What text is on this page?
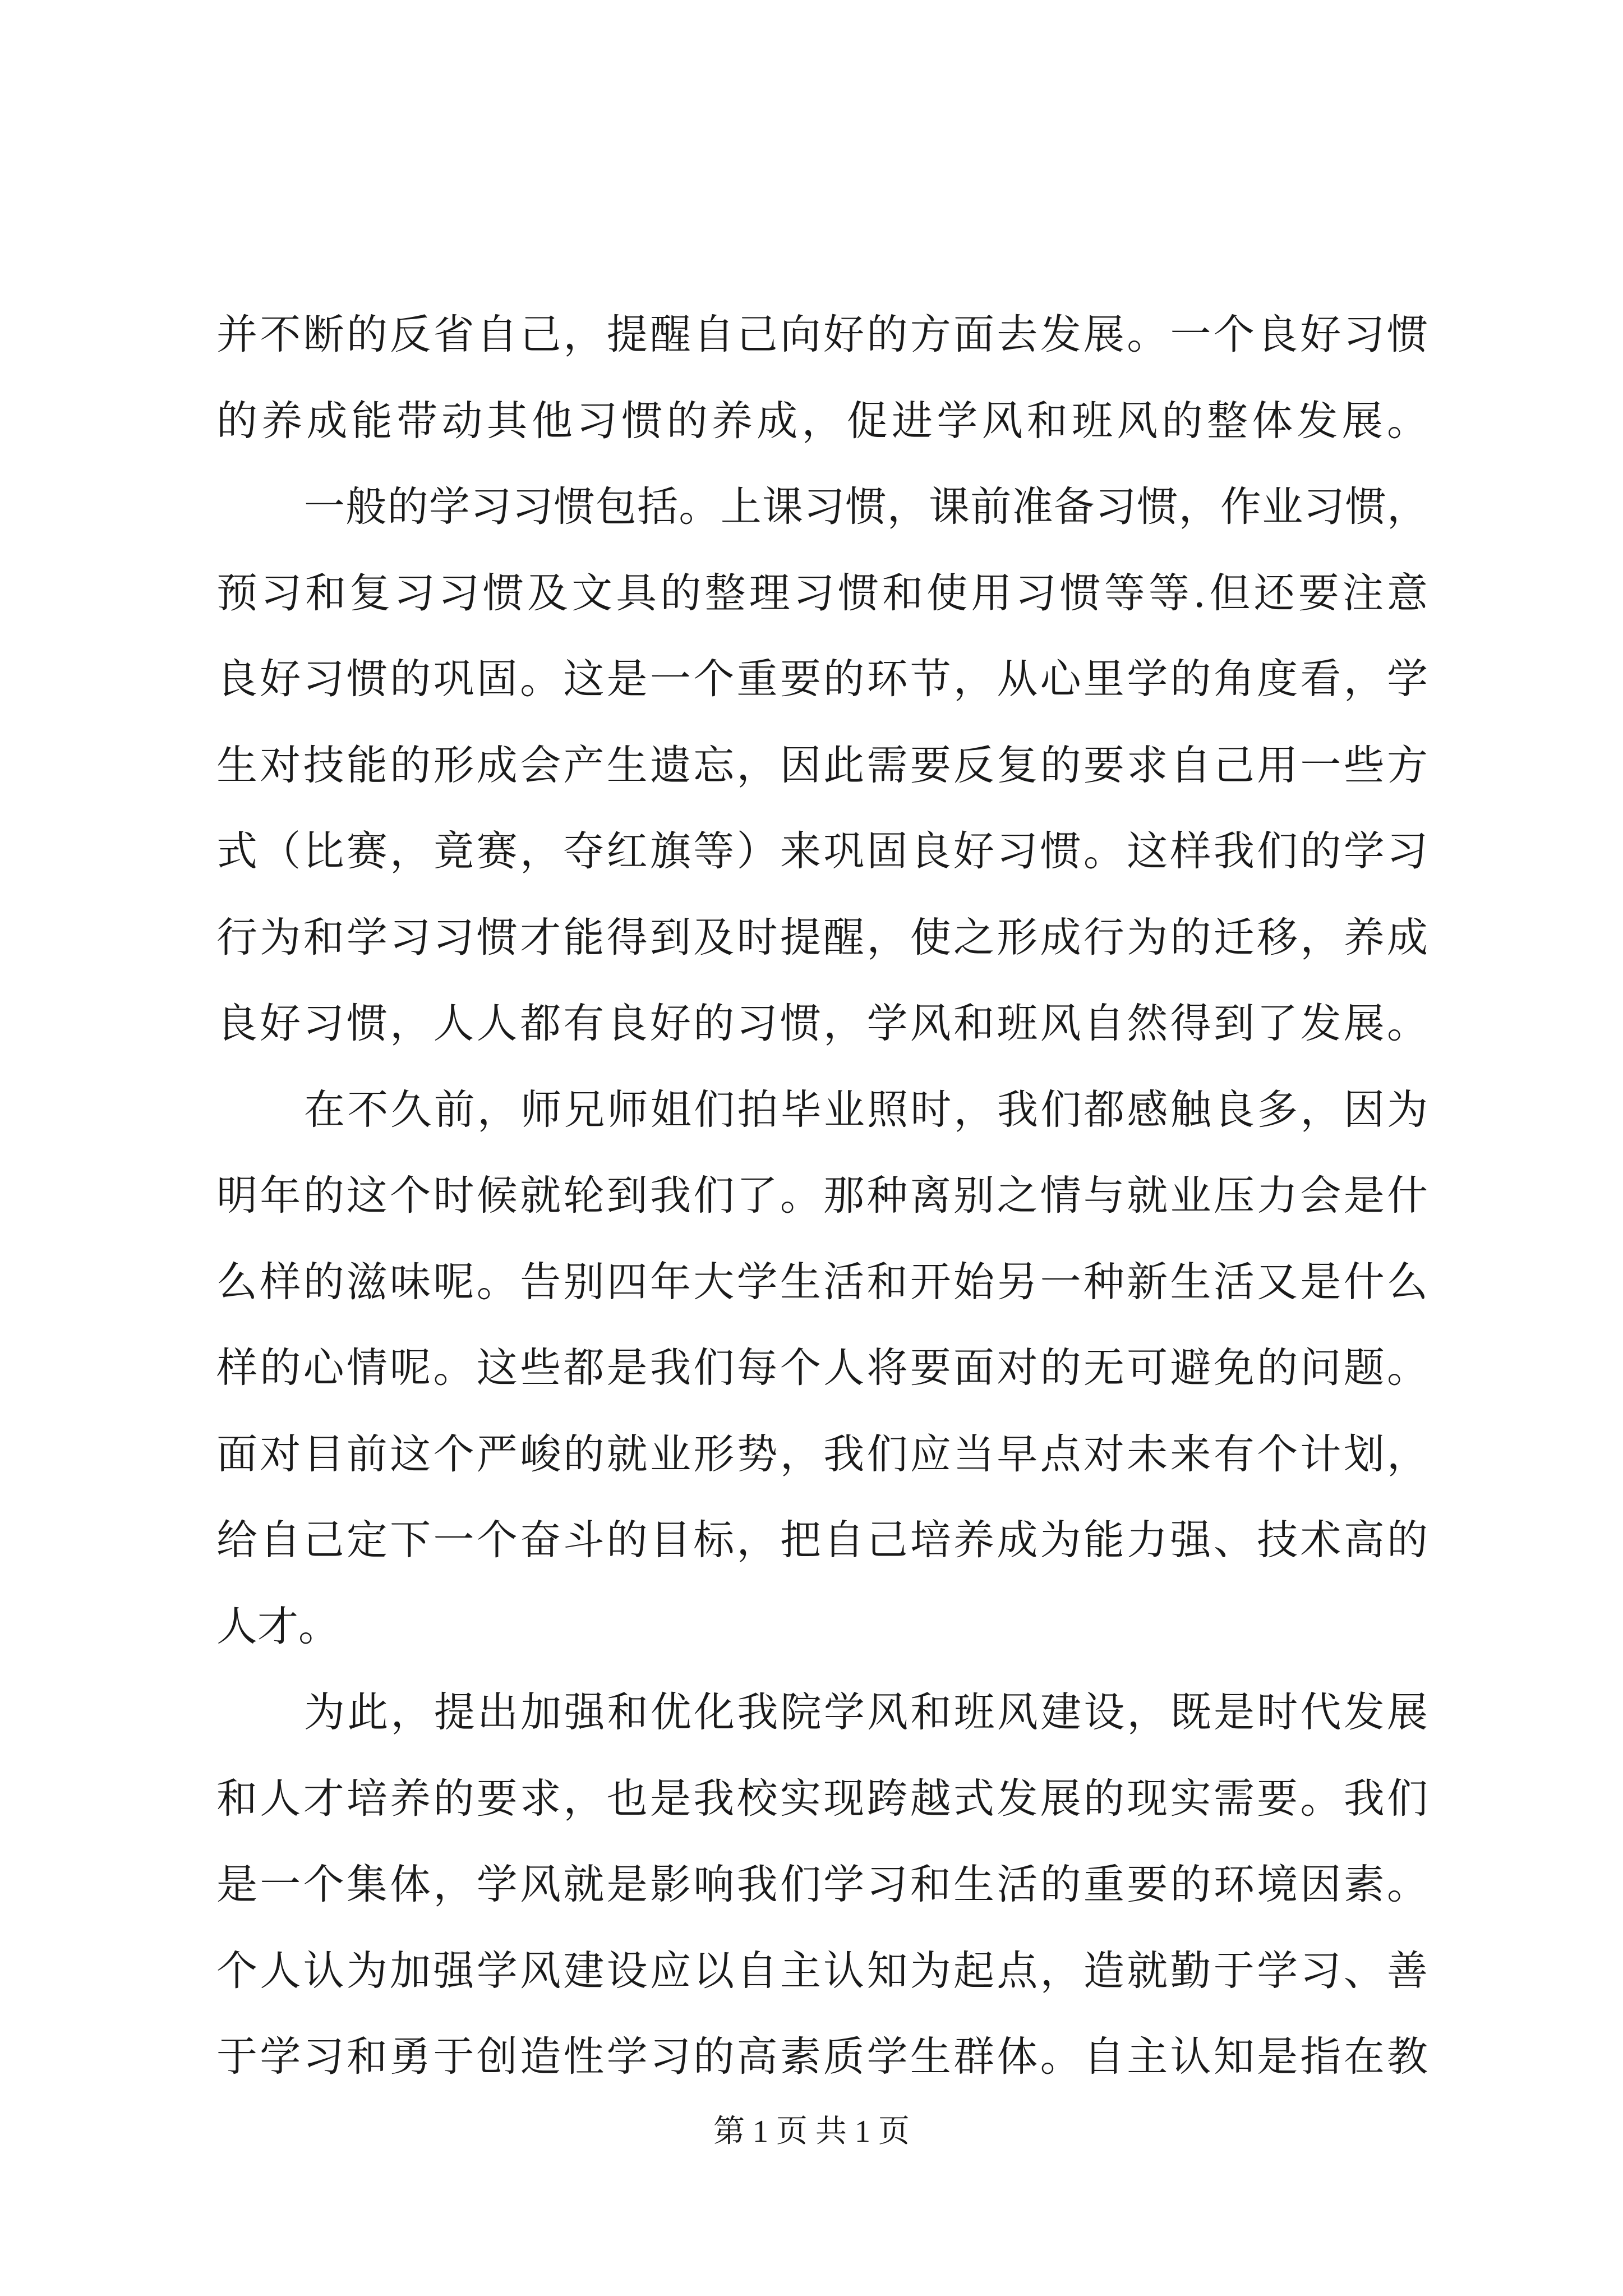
并不断的反省自己，提醒自己向好的方面去发展。一个良好习惯
的养成能带动其他习惯的养成，促进学风和班风的整体发展。
一般的学习习惯包括。上课习惯，课前准备习惯，作业习惯，
预习和复习习惯及文具的整理习惯和使用习惯等等.但还要注意
良好习惯的巩固。这是一个重要的环节，从心里学的角度看，学
生对技能的形成会产生遗忘，因此需要反复的要求自己用一些方
式（比赛，竟赛，夺红旗等）来巩固良好习惯。这样我们的学习
行为和学习习惯才能得到及时提醒，使之形成行为的迁移，养成
良好习惯，人人都有良好的习惯，学风和班风自然得到了发展。
在不久前，师兄师姐们拍毕业照时，我们都感触良多，因为
明年的这个时候就轮到我们了。那种离别之情与就业压力会是什
么样的滋味呢。告别四年大学生活和开始另一种新生活又是什么
样的心情呢。这些都是我们每个人将要面对的无可避免的问题。
面对目前这个严峻的就业形势，我们应当早点对未来有个计划，
给自己定下一个奋斗的目标，把自己培养成为能力强、技术高的
人才。
为此，提出加强和优化我院学风和班风建设，既是时代发展
和人才培养的要求，也是我校实现跨越式发展的现实需要。我们
是一个集体，学风就是影响我们学习和生活的重要的环境因素。
个人认为加强学风建设应以自主认知为起点，造就勤于学习、善
于学习和勇于创造性学习的高素质学生群体。自主认知是指在教
第 1 页 共 1 页
